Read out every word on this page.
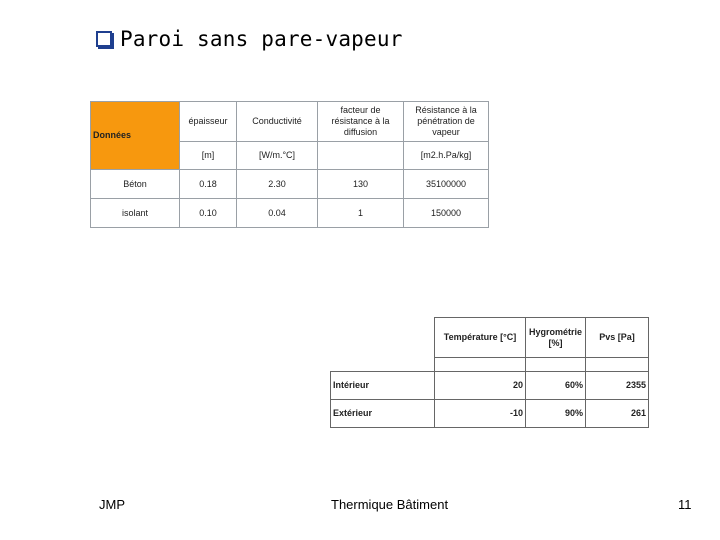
Paroi sans pare-vapeur
Données	épaisseur	Conductivité	facteur de résistance à la diffusion	Résistance à la pénétration de vapeur
	[m]	[W/m.°C]		[m2.h.Pa/kg]
Béton	0.18	2.30	130	35100000
isolant	0.10	0.04	1	150000
	Température [°C]	Hygrométrie [%]	Pvs [Pa]

Intérieur	20	60%	2355
Extérieur	-10	90%	261
JMP	Thermique Bâtiment	11
